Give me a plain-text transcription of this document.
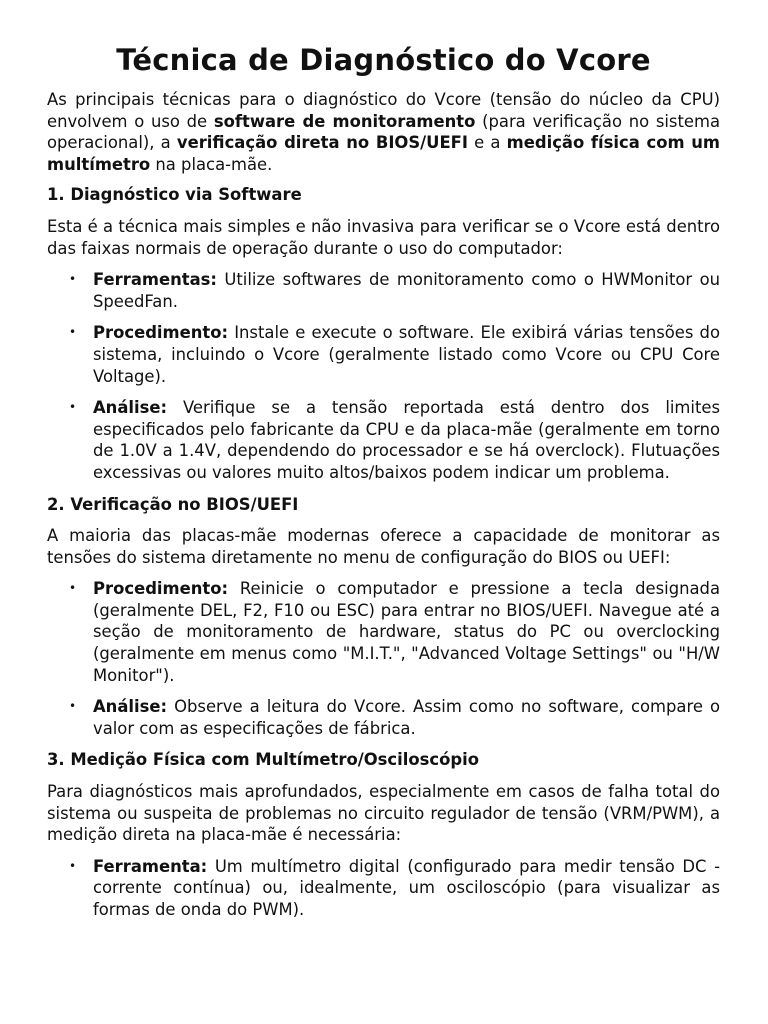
Técnica de Diagnóstico do Vcore

As principais técnicas para o diagnóstico do Vcore (tensão do núcleo da CPU) envolvem o uso de software de monitoramento (para verificação no sistema operacional), a verificação direta no BIOS/UEFI e a medição física com um multímetro na placa-mãe.

1. Diagnóstico via Software

Esta é a técnica mais simples e não invasiva para verificar se o Vcore está dentro das faixas normais de operação durante o uso do computador:

• Ferramentas: Utilize softwares de monitoramento como o HWMonitor ou SpeedFan.
• Procedimento: Instale e execute o software. Ele exibirá várias tensões do sistema, incluindo o Vcore (geralmente listado como Vcore ou CPU Core Voltage).
• Análise: Verifique se a tensão reportada está dentro dos limites especificados pelo fabricante da CPU e da placa-mãe (geralmente em torno de 1.0V a 1.4V, dependendo do processador e se há overclock). Flutuações excessivas ou valores muito altos/baixos podem indicar um problema.
2. Verificação no BIOS/UEFI

A maioria das placas-mãe modernas oferece a capacidade de monitorar as tensões do sistema diretamente no menu de configuração do BIOS ou UEFI:

• Procedimento: Reinicie o computador e pressione a tecla designada (geralmente DEL, F2, F10 ou ESC) para entrar no BIOS/UEFI. Navegue até a seção de monitoramento de hardware, status do PC ou overclocking (geralmente em menus como "M.I.T.", "Advanced Voltage Settings" ou "H/W Monitor").
• Análise: Observe a leitura do Vcore. Assim como no software, compare o valor com as especificações de fábrica.
3. Medição Física com Multímetro/Osciloscópio

Para diagnósticos mais aprofundados, especialmente em casos de falha total do sistema ou suspeita de problemas no circuito regulador de tensão (VRM/PWM), a medição direta na placa-mãe é necessária:

• Ferramenta: Um multímetro digital (configurado para medir tensão DC - corrente contínua) ou, idealmente, um osciloscópio (para visualizar as formas de onda do PWM).
